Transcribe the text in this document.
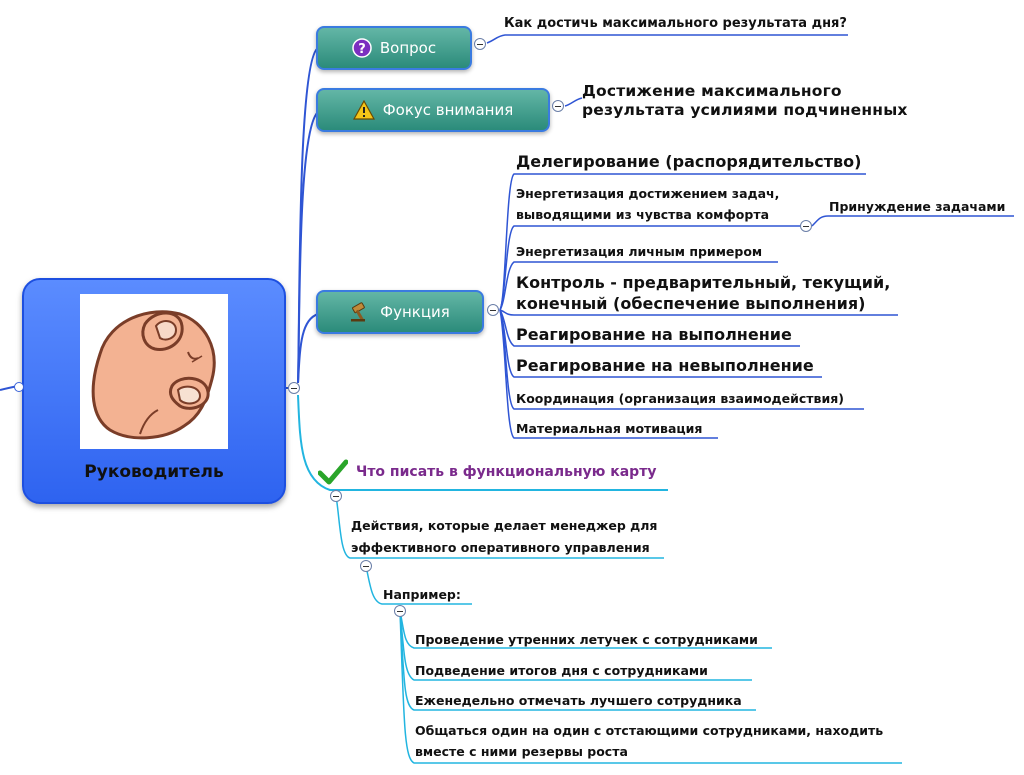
Руководитель
? Вопрос
Как достичь максимального результата дня?
Фокус внимания
Достижение максимального
результата усилиями подчиненных
Функция
Делегирование (распорядительство)
Энергетизация достижением задач,
выводящими из чувства комфорта
Принуждение задачами
Энергетизация личным примером
Контроль - предварительный, текущий,
конечный (обеспечение выполнения)
Реагирование на выполнение
Реагирование на невыполнение
Координация (организация взаимодействия)
Материальная мотивация
Что писать в функциональную карту
Действия, которые делает менеджер для
эффективного оперативного управления
Например:
Проведение утренних летучек с сотрудниками
Подведение итогов дня с сотрудниками
Еженедельно отмечать лучшего сотрудника
Общаться один на один с отстающими сотрудниками, находить
вместе с ними резервы роста
